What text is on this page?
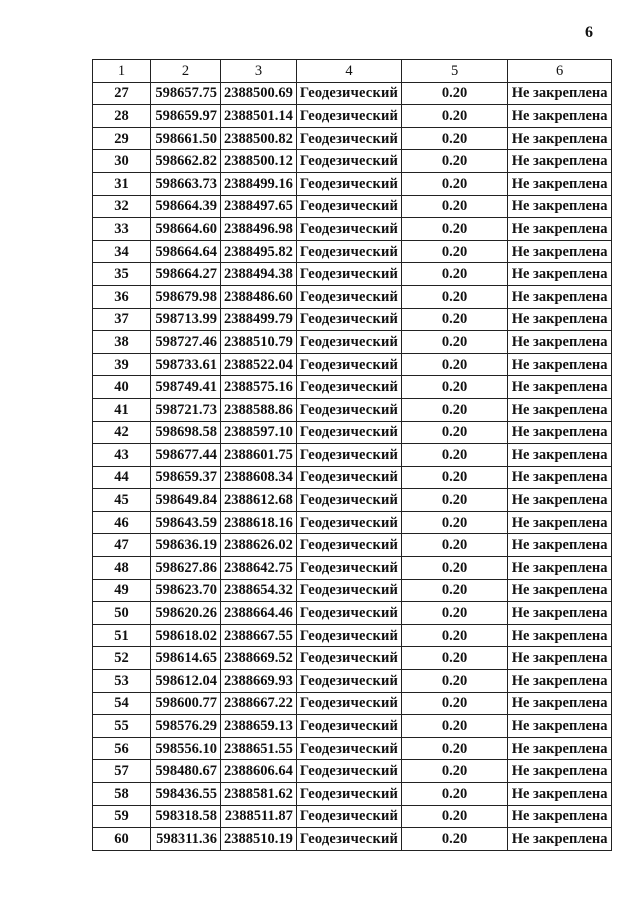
6
1	2	3	4	5	6
27	598657.75	2388500.69	Геодезический	0.20	Не закреплена
28	598659.97	2388501.14	Геодезический	0.20	Не закреплена
29	598661.50	2388500.82	Геодезический	0.20	Не закреплена
30	598662.82	2388500.12	Геодезический	0.20	Не закреплена
31	598663.73	2388499.16	Геодезический	0.20	Не закреплена
32	598664.39	2388497.65	Геодезический	0.20	Не закреплена
33	598664.60	2388496.98	Геодезический	0.20	Не закреплена
34	598664.64	2388495.82	Геодезический	0.20	Не закреплена
35	598664.27	2388494.38	Геодезический	0.20	Не закреплена
36	598679.98	2388486.60	Геодезический	0.20	Не закреплена
37	598713.99	2388499.79	Геодезический	0.20	Не закреплена
38	598727.46	2388510.79	Геодезический	0.20	Не закреплена
39	598733.61	2388522.04	Геодезический	0.20	Не закреплена
40	598749.41	2388575.16	Геодезический	0.20	Не закреплена
41	598721.73	2388588.86	Геодезический	0.20	Не закреплена
42	598698.58	2388597.10	Геодезический	0.20	Не закреплена
43	598677.44	2388601.75	Геодезический	0.20	Не закреплена
44	598659.37	2388608.34	Геодезический	0.20	Не закреплена
45	598649.84	2388612.68	Геодезический	0.20	Не закреплена
46	598643.59	2388618.16	Геодезический	0.20	Не закреплена
47	598636.19	2388626.02	Геодезический	0.20	Не закреплена
48	598627.86	2388642.75	Геодезический	0.20	Не закреплена
49	598623.70	2388654.32	Геодезический	0.20	Не закреплена
50	598620.26	2388664.46	Геодезический	0.20	Не закреплена
51	598618.02	2388667.55	Геодезический	0.20	Не закреплена
52	598614.65	2388669.52	Геодезический	0.20	Не закреплена
53	598612.04	2388669.93	Геодезический	0.20	Не закреплена
54	598600.77	2388667.22	Геодезический	0.20	Не закреплена
55	598576.29	2388659.13	Геодезический	0.20	Не закреплена
56	598556.10	2388651.55	Геодезический	0.20	Не закреплена
57	598480.67	2388606.64	Геодезический	0.20	Не закреплена
58	598436.55	2388581.62	Геодезический	0.20	Не закреплена
59	598318.58	2388511.87	Геодезический	0.20	Не закреплена
60	598311.36	2388510.19	Геодезический	0.20	Не закреплена
